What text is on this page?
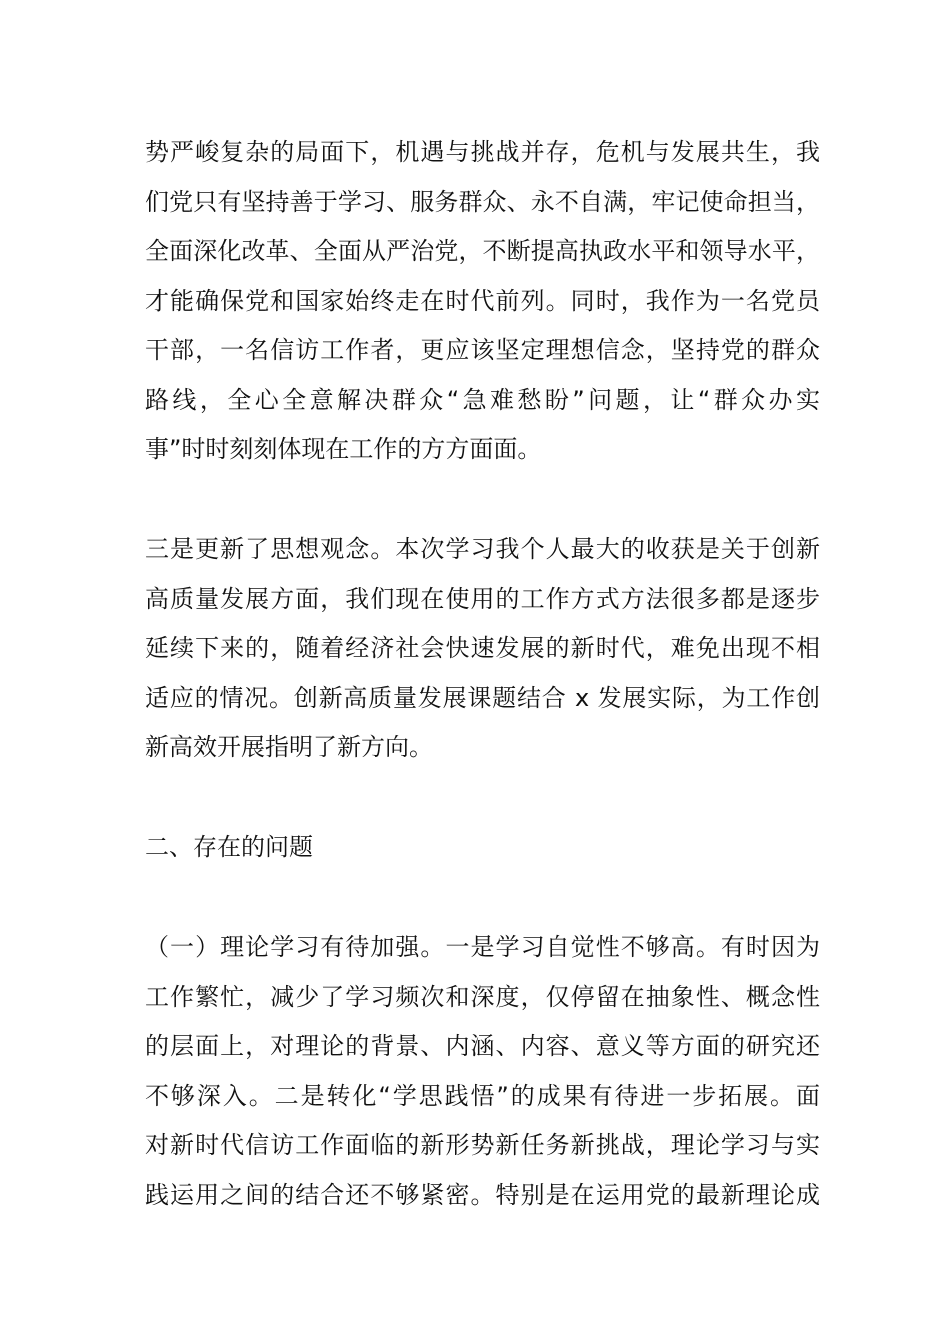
势严峻复杂的局面下，机遇与挑战并存，危机与发展共生，我
们党只有坚持善于学习、服务群众、永不自满，牢记使命担当，
全面深化改革、全面从严治党，不断提高执政水平和领导水平，
才能确保党和国家始终走在时代前列。同时，我作为一名党员
干部，一名信访工作者，更应该坚定理想信念，坚持党的群众
路线，全心全意解决群众“急难愁盼”问题，让“群众办实
事”时时刻刻体现在工作的方方面面。
三是更新了思想观念。本次学习我个人最大的收获是关于创新
高质量发展方面，我们现在使用的工作方式方法很多都是逐步
延续下来的，随着经济社会快速发展的新时代，难免出现不相
适应的情况。创新高质量发展课题结合 x 发展实际，为工作创
新高效开展指明了新方向。
二、存在的问题
（一）理论学习有待加强。一是学习自觉性不够高。有时因为
工作繁忙，减少了学习频次和深度，仅停留在抽象性、概念性
的层面上，对理论的背景、内涵、内容、意义等方面的研究还
不够深入。二是转化“学思践悟”的成果有待进一步拓展。面
对新时代信访工作面临的新形势新任务新挑战，理论学习与实
践运用之间的结合还不够紧密。特别是在运用党的最新理论成
